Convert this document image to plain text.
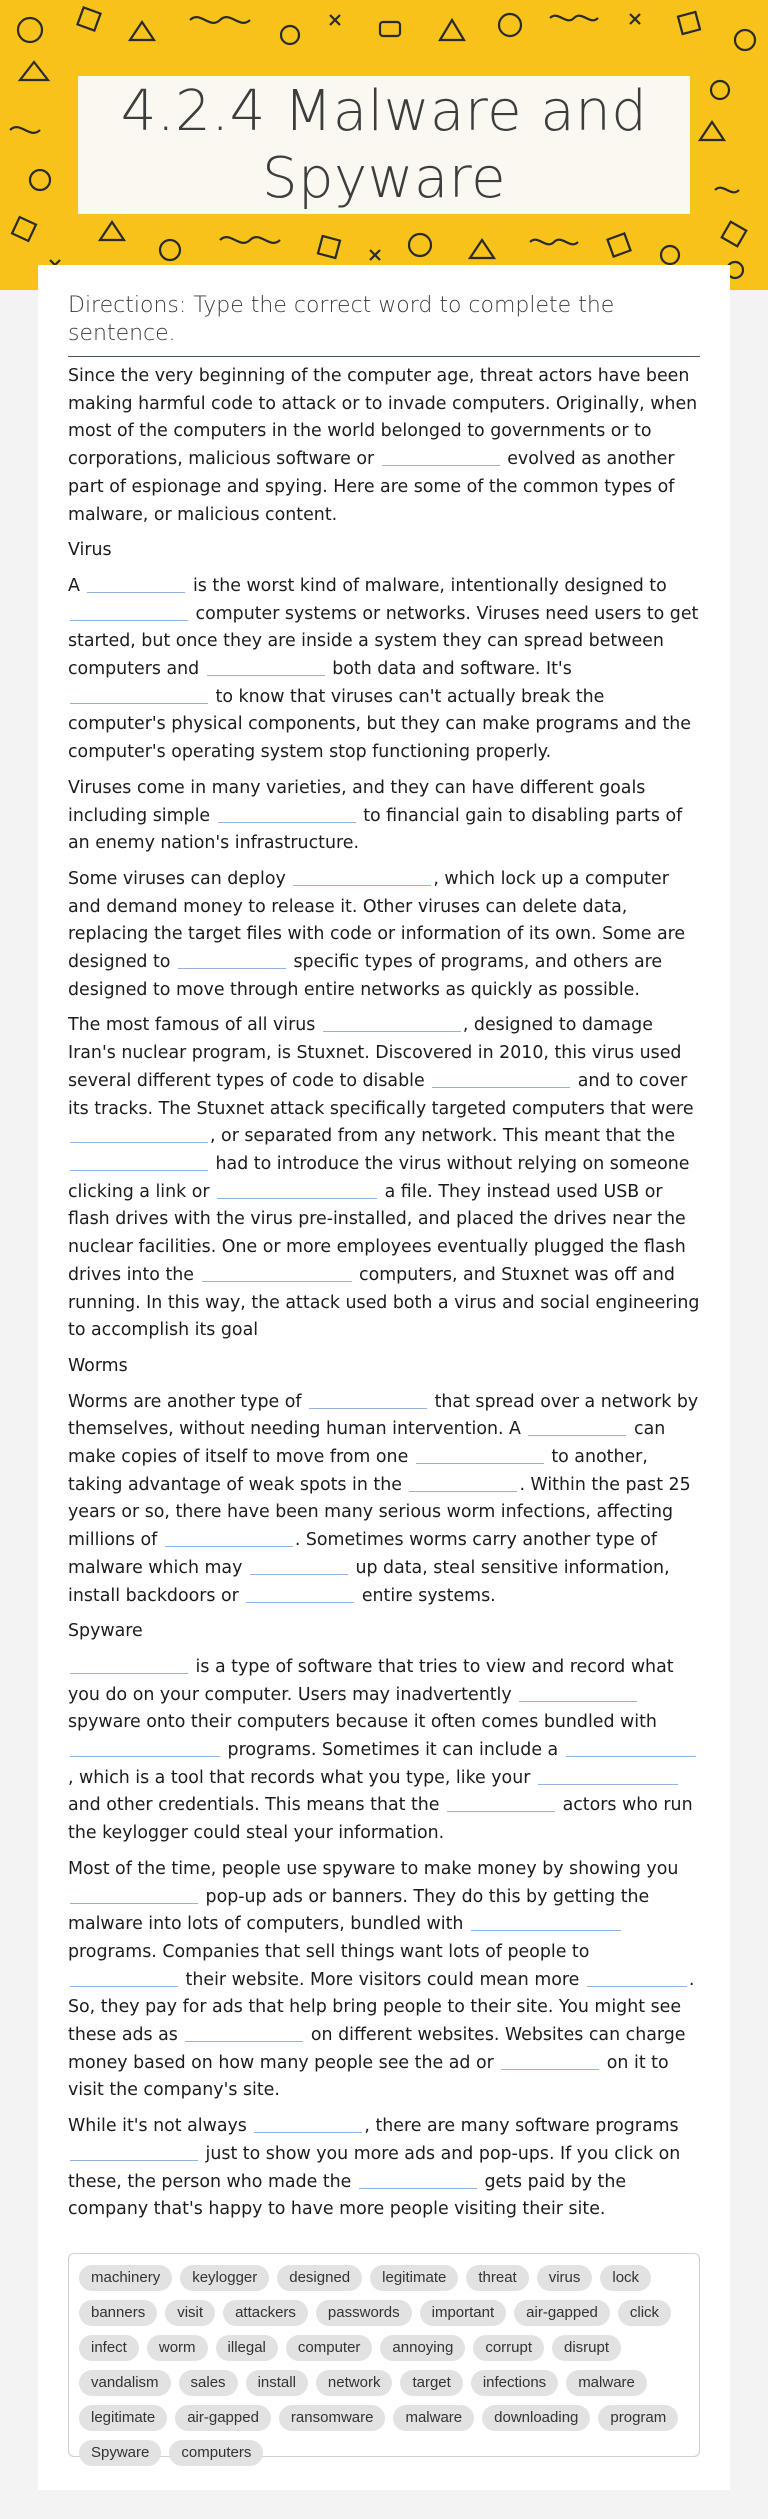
4.2.4 Malware and Spyware
Directions: Type the correct word to complete the sentence.

Since the very beginning of the computer age, threat actors have been making harmful code to attack or to invade computers. Originally, when most of the computers in the world belonged to governments or to corporations, malicious software or	evolved as another part of espionage and spying. Here are some of the common types of malware, or malicious content.

Virus

A	is the worst kind of malware, intentionally designed to  computer systems or networks. Viruses need users to get started, but once they are inside a system they can spread between computers and	both data and software. It's  to know that viruses can't actually break the computer's physical components, but they can make programs and the computer's operating system stop functioning properly.

Viruses come in many varieties, and they can have different goals including simple	to financial gain to disabling parts of an enemy nation's infrastructure.

Some viruses can deploy	, which lock up a computer and demand money to release it. Other viruses can delete data, replacing the target files with code or information of its own. Some are designed to	specific types of programs, and others are designed to move through entire networks as quickly as possible.

The most famous of all virus	, designed to damage Iran's nuclear program, is Stuxnet. Discovered in 2010, this virus used several different types of code to disable	and to cover its tracks. The Stuxnet attack specifically targeted computers that were , or separated from any network. This meant that the  had to introduce the virus without relying on someone clicking a link or	a file. They instead used USB or flash drives with the virus pre-installed, and placed the drives near the nuclear facilities. One or more employees eventually plugged the flash drives into the	computers, and Stuxnet was off and running. In this way, the attack used both a virus and social engineering to accomplish its goal

Worms

Worms are another type of	that spread over a network by themselves, without needing human intervention. A	can make copies of itself to move from one	to another, taking advantage of weak spots in the	. Within the past 25 years or so, there have been many serious worm infections, affecting millions of	. Sometimes worms carry another type of malware which may	up data, steal sensitive information, install backdoors or	entire systems.

Spyware

is a type of software that tries to view and record what you do on your computer. Users may inadvertently  spyware onto their computers because it often comes bundled with  programs. Sometimes it can include a , which is a tool that records what you type, like your  and other credentials. This means that the	actors who run the keylogger could steal your information.

Most of the time, people use spyware to make money by showing you  pop-up ads or banners. They do this by getting the malware into lots of computers, bundled with  programs. Companies that sell things want lots of people to  their website. More visitors could mean more	. So, they pay for ads that help bring people to their site. You might see these ads as	on different websites. Websites can charge money based on how many people see the ad or	on it to visit the company's site.

While it's not always	, there are many software programs  just to show you more ads and pop-ups. If you click on these, the person who made the	gets paid by the company that's happy to have more people visiting their site.

machinery	keylogger	designed	legitimate	threat	virus	lock
banners	visit	attackers	passwords	important	air-gapped	click
infect	worm	illegal	computer	annoying	corrupt	disrupt
vandalism	sales	install	network	target	infections	malware
legitimate	air-gapped	ransomware	malware	downloading	program
Spyware	computers
